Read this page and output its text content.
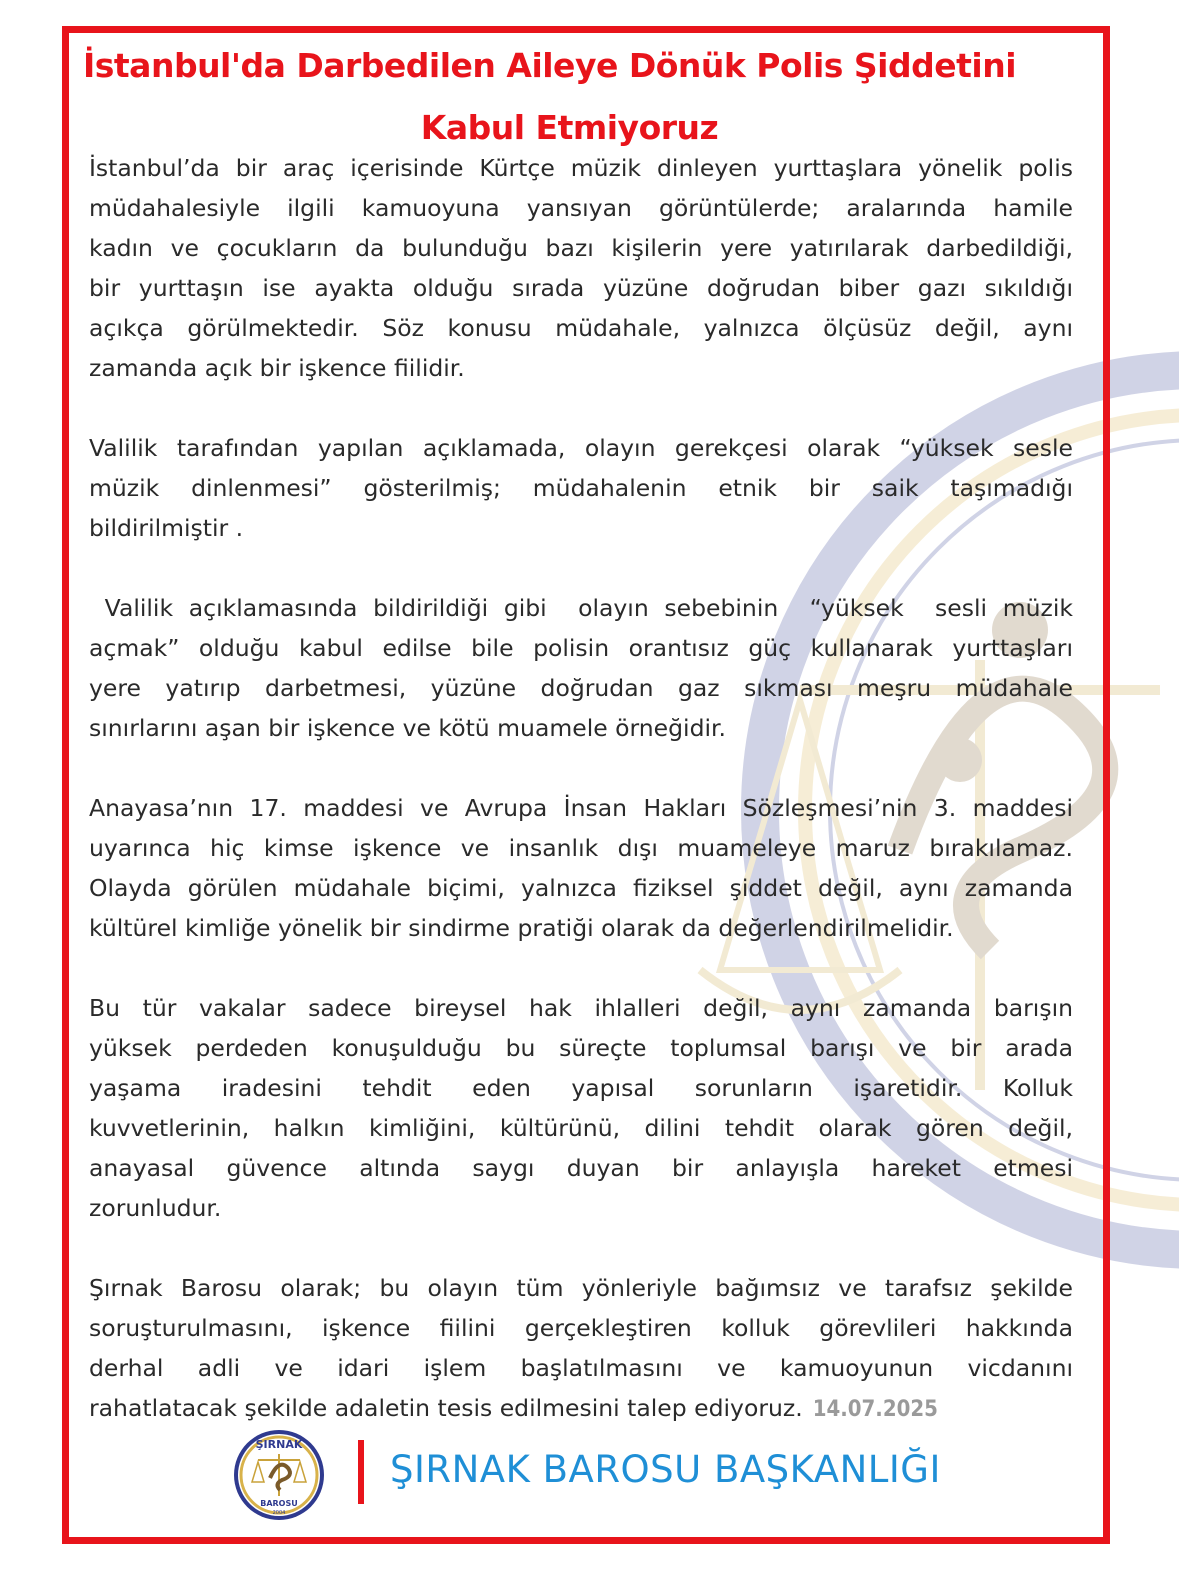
İstanbul'da Darbedilen Aileye Dönük Polis Şiddetini
Kabul Etmiyoruz
İstanbul’da bir araç içerisinde Kürtçe müzik dinleyen yurttaşlara yönelik polis
müdahalesiyle ilgili kamuoyuna yansıyan görüntülerde; aralarında hamile
kadın ve çocukların da bulunduğu bazı kişilerin yere yatırılarak darbedildiği,
bir yurttaşın ise ayakta olduğu sırada yüzüne doğrudan biber gazı sıkıldığı
açıkça görülmektedir. Söz konusu müdahale, yalnızca ölçüsüz değil, aynı
zamanda açık bir işkence fiilidir.
Valilik tarafından yapılan açıklamada, olayın gerekçesi olarak “yüksek sesle
müzik dinlenmesi” gösterilmiş; müdahalenin etnik bir saik taşımadığı
bildirilmiştir .
Valilik açıklamasında bildirildiği gibi  olayın sebebinin  “yüksek  sesli müzik
açmak” olduğu kabul edilse bile polisin orantısız güç kullanarak yurttaşları
yere yatırıp darbetmesi, yüzüne doğrudan gaz sıkması meşru müdahale
sınırlarını aşan bir işkence ve kötü muamele örneğidir.
Anayasa’nın 17. maddesi ve Avrupa İnsan Hakları Sözleşmesi’nin 3. maddesi
uyarınca hiç kimse işkence ve insanlık dışı muameleye maruz bırakılamaz.
Olayda görülen müdahale biçimi, yalnızca fiziksel şiddet değil, aynı zamanda
kültürel kimliğe yönelik bir sindirme pratiği olarak da değerlendirilmelidir.
Bu tür vakalar sadece bireysel hak ihlalleri değil, aynı zamanda barışın
yüksek perdeden konuşulduğu bu süreçte toplumsal barışı ve bir arada
yaşama iradesini tehdit eden yapısal sorunların işaretidir. Kolluk
kuvvetlerinin, halkın kimliğini, kültürünü, dilini tehdit olarak gören değil,
anayasal güvence altında saygı duyan bir anlayışla hareket etmesi
zorunludur.
Şırnak Barosu olarak; bu olayın tüm yönleriyle bağımsız ve tarafsız şekilde
soruşturulmasını, işkence fiilini gerçekleştiren kolluk görevlileri hakkında
derhal adli ve idari işlem başlatılmasını ve kamuoyunun vicdanını
rahatlatacak şekilde adaletin tesis edilmesini talep ediyoruz. 14.07.2025
ŞIRNAK
BAROSU
2004
ŞIRNAK BAROSU BAŞKANLIĞI
